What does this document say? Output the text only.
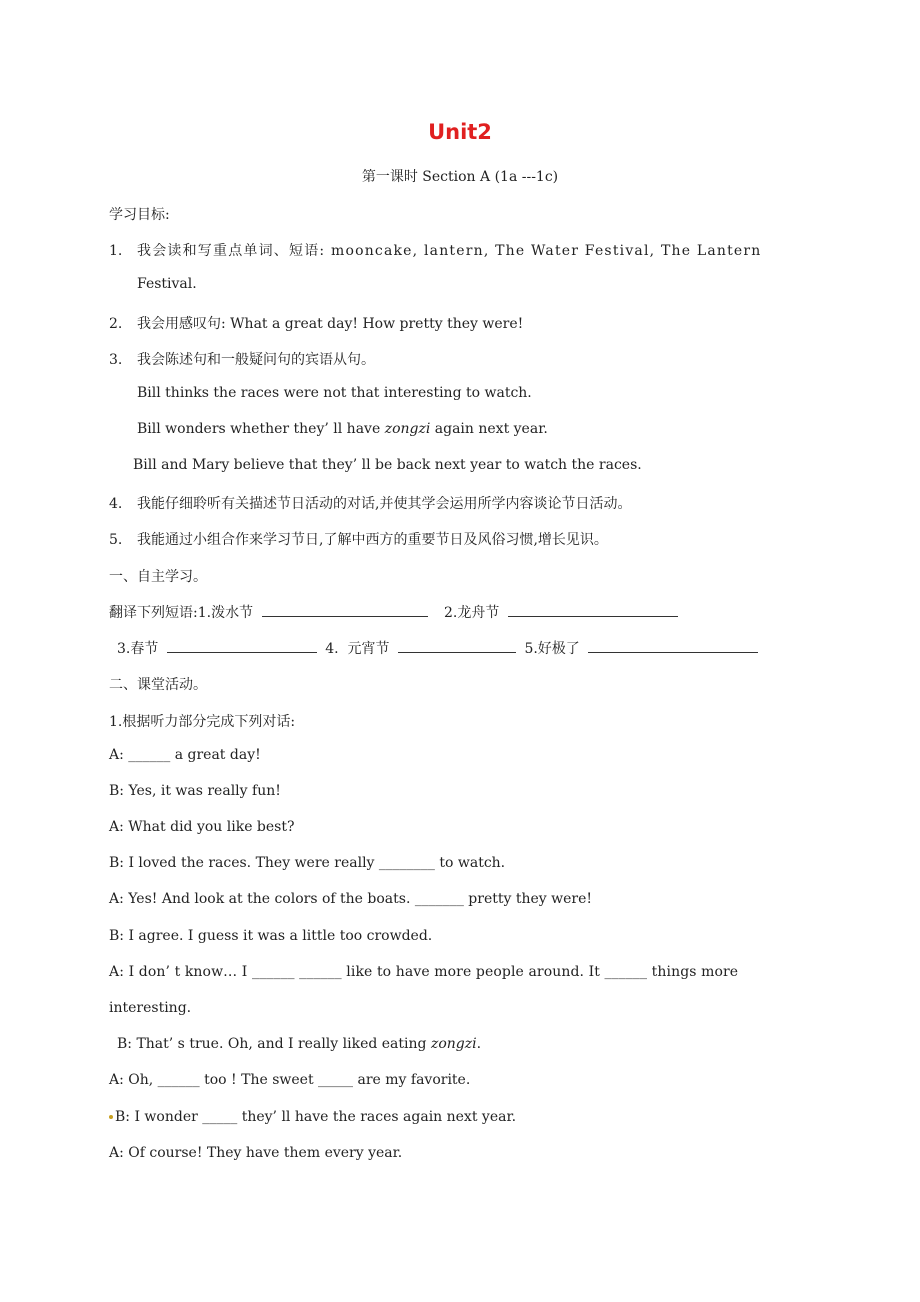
Unit2
第一课时 Section A (1a ---1c)
学习目标:
1. 我会读和写重点单词、短语: mooncake, lantern, The Water Festival, The Lantern
Festival.
2. 我会用感叹句: What a great day! How pretty they were!
3. 我会陈述句和一般疑问句的宾语从句。
Bill thinks the races were not that interesting to watch.
Bill wonders whether they’ ll have zongzi again next year.
Bill and Mary believe that they’ ll be back next year to watch the races.
4. 我能仔细聆听有关描述节日活动的对话,并使其学会运用所学内容谈论节日活动。
5. 我能通过小组合作来学习节日,了解中西方的重要节日及风俗习惯,增长见识。
一、自主学习。
翻译下列短语:1.泼水节	2.龙舟节
3.春节	4.  元宵节	5.好极了
二、课堂活动。
1.根据听力部分完成下列对话:
A: ______ a great day!
B: Yes, it was really fun!
A: What did you like best?
B: I loved the races. They were really ________ to watch.
A: Yes! And look at the colors of the boats. _______ pretty they were!
B: I agree. I guess it was a little too crowded.
A: I don’ t know… I ______ ______ like to have more people around. It ______ things more
interesting.
B: That’ s true. Oh, and I really liked eating zongzi.
A: Oh, ______ too ! The sweet _____ are my favorite.
B: I wonder _____ they’ ll have the races again next year.
A: Of course! They have them every year.
